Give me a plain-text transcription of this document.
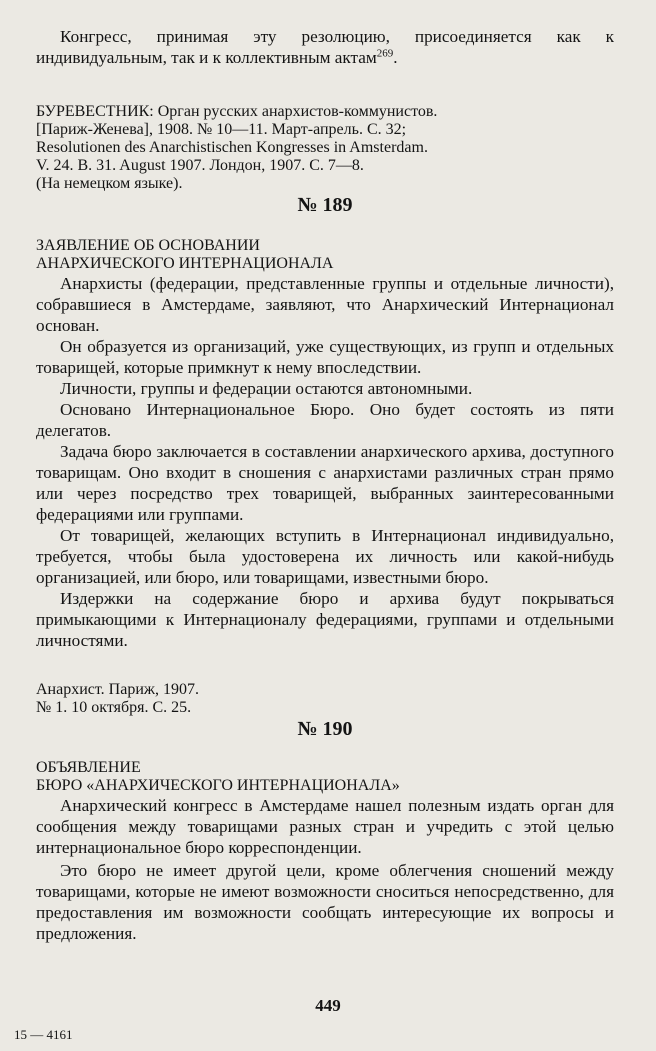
Конгресс, принимая эту резолюцию, присоединяется как к индивидуальным, так и к коллективным актам$^{269}$.

БУРЕВЕСТНИК: Орган русских анархистов-коммунистов.
[Париж-Женева], 1908. № 10—11. Март-апрель. С. 32;
Resolutionen des Anarchistischen Kongresses in Amsterdam.
V. 24. B. 31. August 1907. Лондон, 1907. С. 7—8.
(На немецком языке).

№ 189

ЗАЯВЛЕНИЕ ОБ ОСНОВАНИИ
АНАРХИЧЕСКОГО ИНТЕРНАЦИОНАЛА

Анархисты (федерации, представленные группы и отдельные личности), собравшиеся в Амстердаме, заявляют, что Анархический Интернационал основан.

Он образуется из организаций, уже существующих, из групп и отдельных товарищей, которые примкнут к нему впоследствии.

Личности, группы и федерации остаются автономными.

Основано Интернациональное Бюро. Оно будет состоять из пяти делегатов.

Задача бюро заключается в составлении анархического архива, доступного товарищам. Оно входит в сношения с анархистами различных стран прямо или через посредство трех товарищей, выбранных заинтересованными федерациями или группами.

От товарищей, желающих вступить в Интернационал индивидуально, требуется, чтобы была удостоверена их личность или какой-нибудь организацией, или бюро, или товарищами, известными бюро.

Издержки на содержание бюро и архива будут покрываться примыкающими к Интернационалу федерациями, группами и отдельными личностями.

Анархист. Париж, 1907.
№ 1. 10 октября. С. 25.

№ 190

ОБЪЯВЛЕНИЕ
БЮРО «АНАРХИЧЕСКОГО ИНТЕРНАЦИОНАЛА»

Анархический конгресс в Амстердаме нашел полезным издать орган для сообщения между товарищами разных стран и учредить с этой целью интернациональное бюро корреспонденции.

Это бюро не имеет другой цели, кроме облегчения сношений между товарищами, которые не имеют возможности сноситься непосредственно, для предоставления им возможности сообщать интересующие их вопросы и предложения.

449
15 — 4161
